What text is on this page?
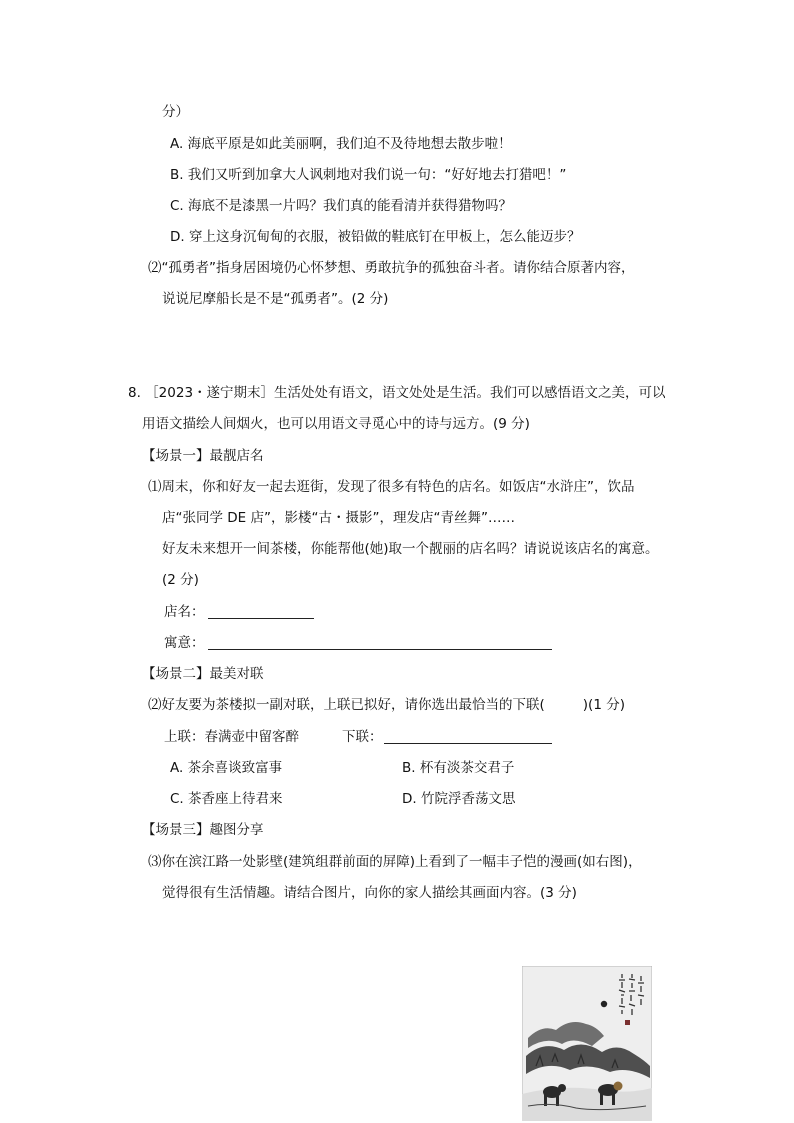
分）
A. 海底平原是如此美丽啊，我们迫不及待地想去散步啦！
B. 我们又听到加拿大人讽刺地对我们说一句：“好好地去打猎吧！”
C. 海底不是漆黑一片吗？我们真的能看清并获得猎物吗？
D. 穿上这身沉甸甸的衣服，被铅做的鞋底钉在甲板上，怎么能迈步？
⑵“孤勇者”指身居困境仍心怀梦想、勇敢抗争的孤独奋斗者。请你结合原著内容，
说说尼摩船长是不是“孤勇者”。(2 分)
8. ［2023・遂宁期末］生活处处有语文，语文处处是生活。我们可以感悟语文之美，可以
用语文描绘人间烟火，也可以用语文寻觅心中的诗与远方。(9 分)
【场景一】最靓店名
⑴周末，你和好友一起去逛街，发现了很多有特色的店名。如饭店“水浒庄”，饮品
店“张同学 DE 店”，影楼“古・摄影”，理发店“青丝舞”……
好友未来想开一间茶楼，你能帮他(她)取一个靓丽的店名吗？请说说该店名的寓意。
(2 分)
店名：
寓意：
【场景二】最美对联
⑵好友要为茶楼拟一副对联，上联已拟好，请你选出最恰当的下联(	)(1 分)
上联：春满壶中留客醉	下联：
A. 茶余喜谈致富事	B. 杯有淡茶交君子
C. 茶香座上待君来	D. 竹院浮香荡文思
【场景三】趣图分享
⑶你在滨江路一处影壁(建筑组群前面的屏障)上看到了一幅丰子恺的漫画(如右图)，
觉得很有生活情趣。请结合图片，向你的家人描绘其画面内容。(3 分)
